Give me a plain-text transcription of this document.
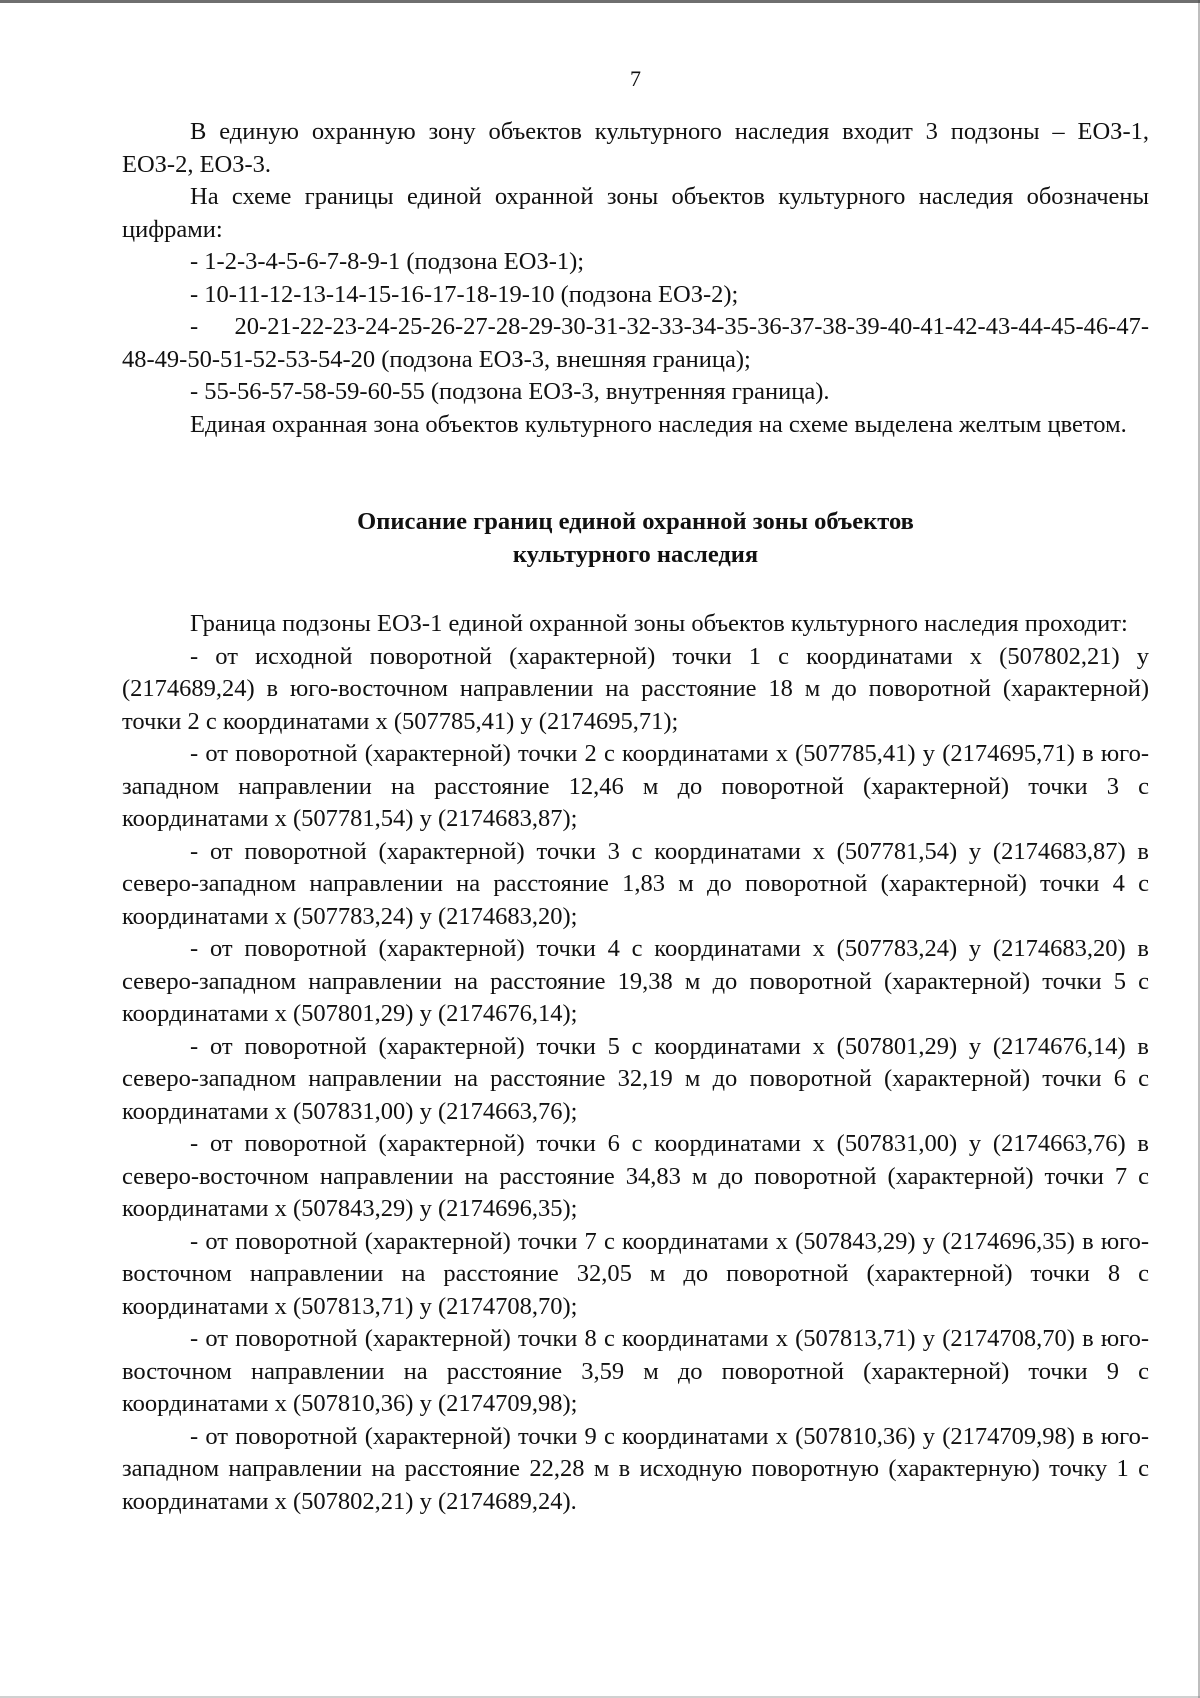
7

В единую охранную зону объектов культурного наследия входит 3 подзоны – ЕОЗ-1, ЕОЗ-2, ЕОЗ-3.

На схеме границы единой охранной зоны объектов культурного наследия обозначены цифрами:

- 1-2-3-4-5-6-7-8-9-1 (подзона ЕОЗ-1);

- 10-11-12-13-14-15-16-17-18-19-10 (подзона ЕОЗ-2);

- 20-21-22-23-24-25-26-27-28-29-30-31-32-33-34-35-36-37-38-39-40-41-42-43-44-45-46-47-48-49-50-51-52-53-54-20 (подзона ЕОЗ-3, внешняя граница);

- 55-56-57-58-59-60-55 (подзона ЕОЗ-3, внутренняя граница).

Единая охранная зона объектов культурного наследия на схеме выделена желтым цветом.

Описание границ единой охранной зоны объектов
культурного наследия

Граница подзоны ЕОЗ-1 единой охранной зоны объектов культурного наследия проходит:

- от исходной поворотной (характерной) точки 1 с координатами х (507802,21) у (2174689,24) в юго-восточном направлении на расстояние 18 м до поворотной (характерной) точки 2 с координатами х (507785,41) у (2174695,71);

- от поворотной (характерной) точки 2 с координатами х (507785,41) у (2174695,71) в юго-западном направлении на расстояние 12,46 м до поворотной (характерной) точки 3 с координатами х (507781,54) у (2174683,87);

- от поворотной (характерной) точки 3 с координатами х (507781,54) у (2174683,87) в северо-западном направлении на расстояние 1,83 м до поворотной (характерной) точки 4 с координатами х (507783,24) у (2174683,20);

- от поворотной (характерной) точки 4 с координатами х (507783,24) у (2174683,20) в северо-западном направлении на расстояние 19,38 м до поворотной (характерной) точки 5 с координатами х (507801,29) у (2174676,14);

- от поворотной (характерной) точки 5 с координатами х (507801,29) у (2174676,14) в северо-западном направлении на расстояние 32,19 м до поворотной (характерной) точки 6 с координатами х (507831,00) у (2174663,76);

- от поворотной (характерной) точки 6 с координатами х (507831,00) у (2174663,76) в северо-восточном направлении на расстояние 34,83 м до поворотной (характерной) точки 7 с координатами х (507843,29) у (2174696,35);

- от поворотной (характерной) точки 7 с координатами х (507843,29) у (2174696,35) в юго-восточном направлении на расстояние 32,05 м до поворотной (характерной) точки 8 с координатами х (507813,71) у (2174708,70);

- от поворотной (характерной) точки 8 с координатами х (507813,71) у (2174708,70) в юго-восточном направлении на расстояние 3,59 м до поворотной (характерной) точки 9 с координатами х (507810,36) у (2174709,98);

- от поворотной (характерной) точки 9 с координатами х (507810,36) у (2174709,98) в юго-западном направлении на расстояние 22,28 м в исходную поворотную (характерную) точку 1 с координатами х (507802,21) у (2174689,24).
